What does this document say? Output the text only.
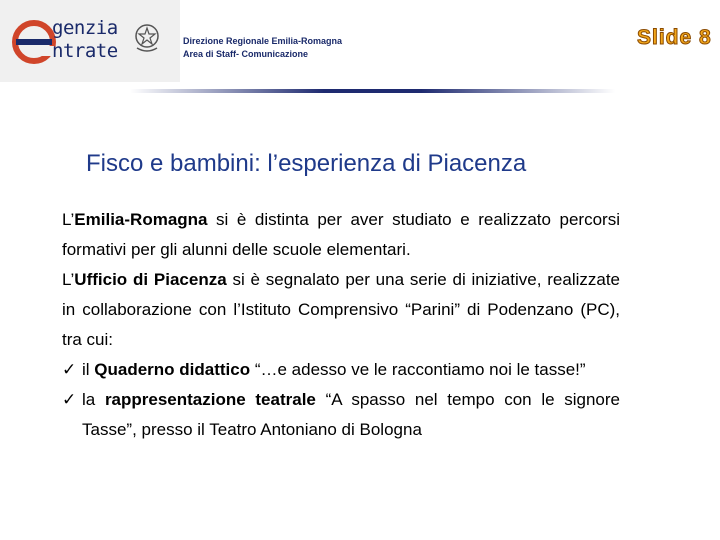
genzia
ntrate	Direzione Regionale Emilia-Romagna
Area di Staff- Comunicazione
Slide 8
Fisco e bambini: l’esperienza di Piacenza

L’Emilia-Romagna si è distinta per aver studiato e realizzato percorsi formativi per gli alunni delle scuole elementari.

L’Ufficio di Piacenza si è segnalato per una serie di iniziative, realizzate in collaborazione con l’Istituto Comprensivo “Parini” di Podenzano (PC), tra cui:

✓ il Quaderno didattico “…e adesso ve le raccontiamo noi le tasse!”

✓ la rappresentazione teatrale “A spasso nel tempo con le signore Tasse”, presso il Teatro Antoniano di Bologna
